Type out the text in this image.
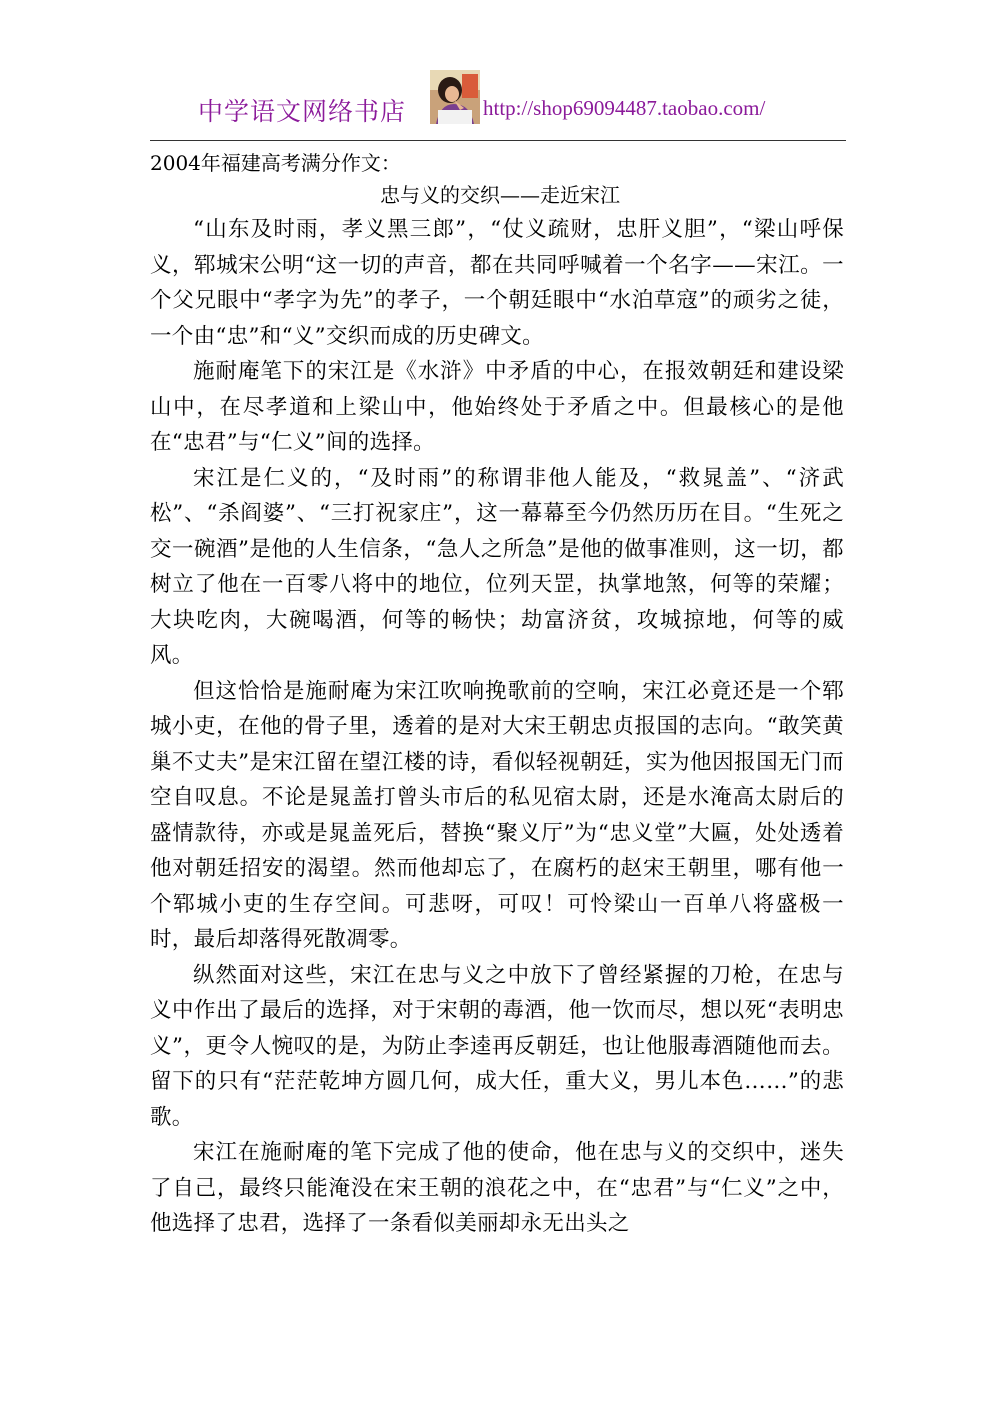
中学语文网络书店	http://shop69094487.taobao.com/
2004年福建高考满分作文：
忠与义的交织——走近宋江

“山东及时雨，孝义黑三郎”，“仗义疏财，忠肝义胆”，“梁山呼保义，郓城宋公明“这一切的声音，都在共同呼喊着一个名字——宋江。一个父兄眼中“孝字为先”的孝子，一个朝廷眼中“水泊草寇”的顽劣之徒，一个由“忠”和“义”交织而成的历史碑文。

施耐庵笔下的宋江是《水浒》中矛盾的中心，在报效朝廷和建设梁山中，在尽孝道和上梁山中，他始终处于矛盾之中。但最核心的是他在“忠君”与“仁义”间的选择。

宋江是仁义的，“及时雨”的称谓非他人能及，“救晁盖”、“济武松”、“杀阎婆”、“三打祝家庄”，这一幕幕至今仍然历历在目。“生死之交一碗酒”是他的人生信条，“急人之所急”是他的做事准则，这一切，都树立了他在一百零八将中的地位，位列天罡，执掌地煞，何等的荣耀；大块吃肉，大碗喝酒，何等的畅快；劫富济贫，攻城掠地，何等的威风。

但这恰恰是施耐庵为宋江吹响挽歌前的空响，宋江必竟还是一个郓城小吏，在他的骨子里，透着的是对大宋王朝忠贞报国的志向。“敢笑黄巢不丈夫”是宋江留在望江楼的诗，看似轻视朝廷，实为他因报国无门而空自叹息。不论是晁盖打曾头市后的私见宿太尉，还是水淹高太尉后的盛情款待，亦或是晁盖死后，替换“聚义厅”为“忠义堂”大匾，处处透着他对朝廷招安的渴望。然而他却忘了，在腐朽的赵宋王朝里，哪有他一个郓城小吏的生存空间。可悲呀，可叹！可怜梁山一百单八将盛极一时，最后却落得死散凋零。

纵然面对这些，宋江在忠与义之中放下了曾经紧握的刀枪，在忠与义中作出了最后的选择，对于宋朝的毒酒，他一饮而尽，想以死“表明忠义”，更令人惋叹的是，为防止李逵再反朝廷，也让他服毒酒随他而去。留下的只有“茫茫乾坤方圆几何，成大任，重大义，男儿本色……”的悲歌。

宋江在施耐庵的笔下完成了他的使命，他在忠与义的交织中，迷失了自己，最终只能淹没在宋王朝的浪花之中，在“忠君”与“仁义”之中，他选择了忠君，选择了一条看似美丽却永无出头之
